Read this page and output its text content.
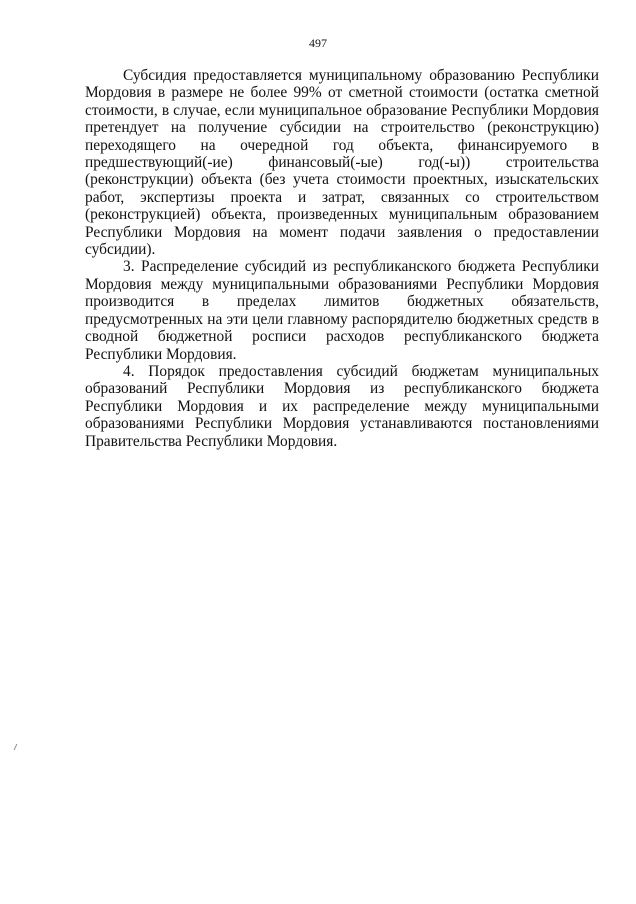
497

Субсидия предоставляется муниципальному образованию Республики Мордовия в размере не более 99% от сметной стоимости (остатка сметной стоимости, в случае, если муниципальное образование Республики Мордовия претендует на получение субсидии на строительство (реконструкцию) переходящего на очередной год объекта, финансируемого в предшествующий(-ие) финансовый(-ые) год(-ы)) строительства (реконструкции) объекта (без учета стоимости проектных, изыскательских работ, экспертизы проекта и затрат, связанных со строительством (реконструкцией) объекта, произведенных муниципальным образованием Республики Мордовия на момент подачи заявления о предоставлении субсидии).

3. Распределение субсидий из республиканского бюджета Республики Мордовия между муниципальными образованиями Республики Мордовия производится в пределах лимитов бюджетных обязательств, предусмотренных на эти цели главному распорядителю бюджетных средств в сводной бюджетной росписи расходов республиканского бюджета Республики Мордовия.

4. Порядок предоставления субсидий бюджетам муниципальных образований Республики Мордовия из республиканского бюджета Республики Мордовия и их распределение между муниципальными образованиями Республики Мордовия устанавливаются постановлениями Правительства Республики Мордовия.
